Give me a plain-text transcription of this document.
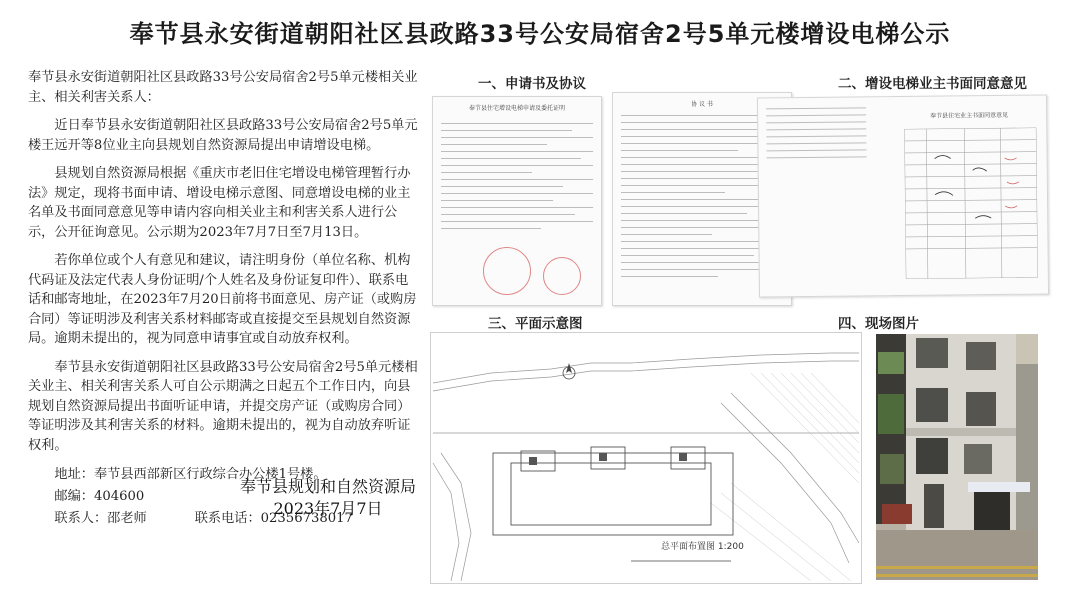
奉节县永安街道朝阳社区县政路33号公安局宿舍2号5单元楼增设电梯公示

奉节县永安街道朝阳社区县政路33号公安局宿舍2号5单元楼相关业主、相关利害关系人：

近日奉节县永安街道朝阳社区县政路33号公安局宿舍2号5单元楼王远开等8位业主向县规划自然资源局提出申请增设电梯。

县规划自然资源局根据《重庆市老旧住宅增设电梯管理暂行办法》规定，现将书面申请、增设电梯示意图、同意增设电梯的业主名单及书面同意意见等申请内容向相关业主和利害关系人进行公示，公开征询意见。公示期为2023年7月7日至7月13日。

若你单位或个人有意见和建议，请注明身份（单位名称、机构代码证及法定代表人身份证明/个人姓名及身份证复印件）、联系电话和邮寄地址，在2023年7月20日前将书面意见、房产证（或购房合同）等证明涉及利害关系材料邮寄或直接提交至县规划自然资源局。逾期未提出的，视为同意申请事宜或自动放弃权利。

奉节县永安街道朝阳社区县政路33号公安局宿舍2号5单元楼相关业主、相关利害关系人可自公示期满之日起五个工作日内，向县规划自然资源局提出书面听证申请，并提交房产证（或购房合同）等证明涉及其利害关系的材料。逾期未提出的，视为自动放弃听证权利。

地址：奉节县西部新区行政综合办公楼1号楼。
邮编：404600
联系人：邵老师	联系电话：02356738017
奉节县规划和自然资源局
2023年7月7日
一、申请书及协议	二、增设电梯业主书面同意意见
三、平面示意图	四、现场图片
奉节县住宅增设电梯申请及委托证明
协 议 书
奉节县住宅业主书面同意意见
总平面布置图 1:200
